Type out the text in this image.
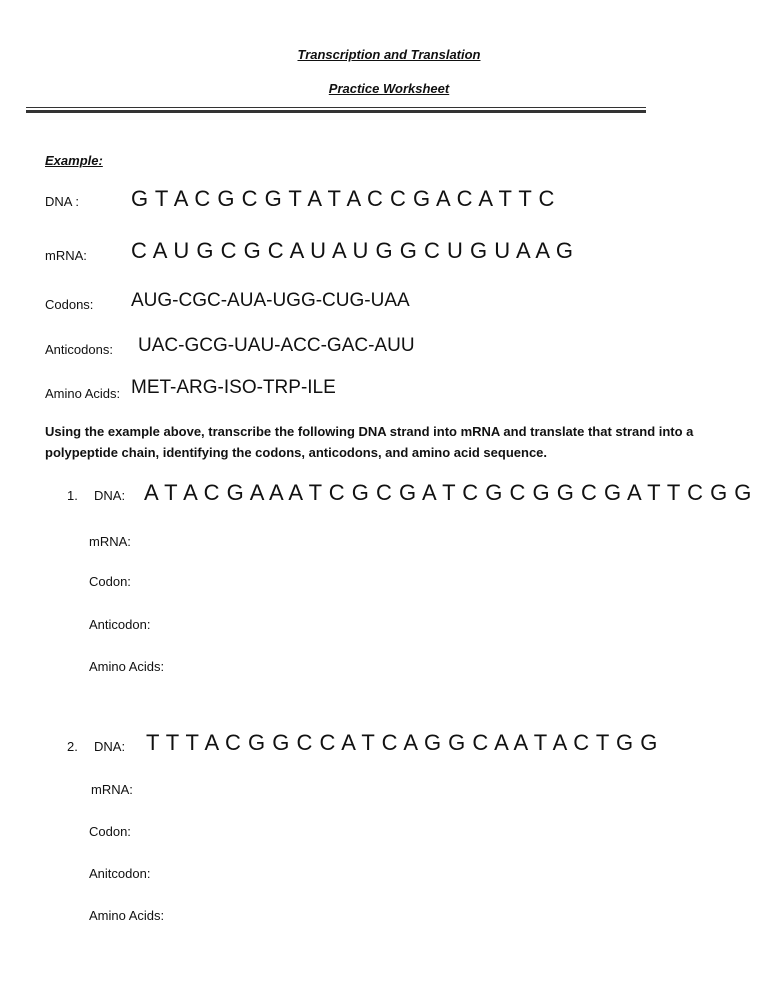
Transcription and Translation
Practice Worksheet
Example:
DNA : G T A C G C G T A T A C C G A C A T T C
mRNA: C A U G C G C A U A U G G C U G U A A G
Codons: AUG-CGC-AUA-UGG-CUG-UAA
Anticodons: UAC-GCG-UAU-ACC-GAC-AUU
Amino Acids: MET-ARG-ISO-TRP-ILE
Using the example above, transcribe the following DNA strand into mRNA and translate that strand into a polypeptide chain, identifying the codons, anticodons, and amino acid sequence.
1. DNA: A T A C G A A A T C G C G A T C G C G G C G A T T C G G
mRNA:
Codon:
Anticodon:
Amino Acids:
2. DNA: T T T A C G G C C A T C A G G C A A T A C T G G
mRNA:
Codon:
Anitcodon:
Amino Acids:
